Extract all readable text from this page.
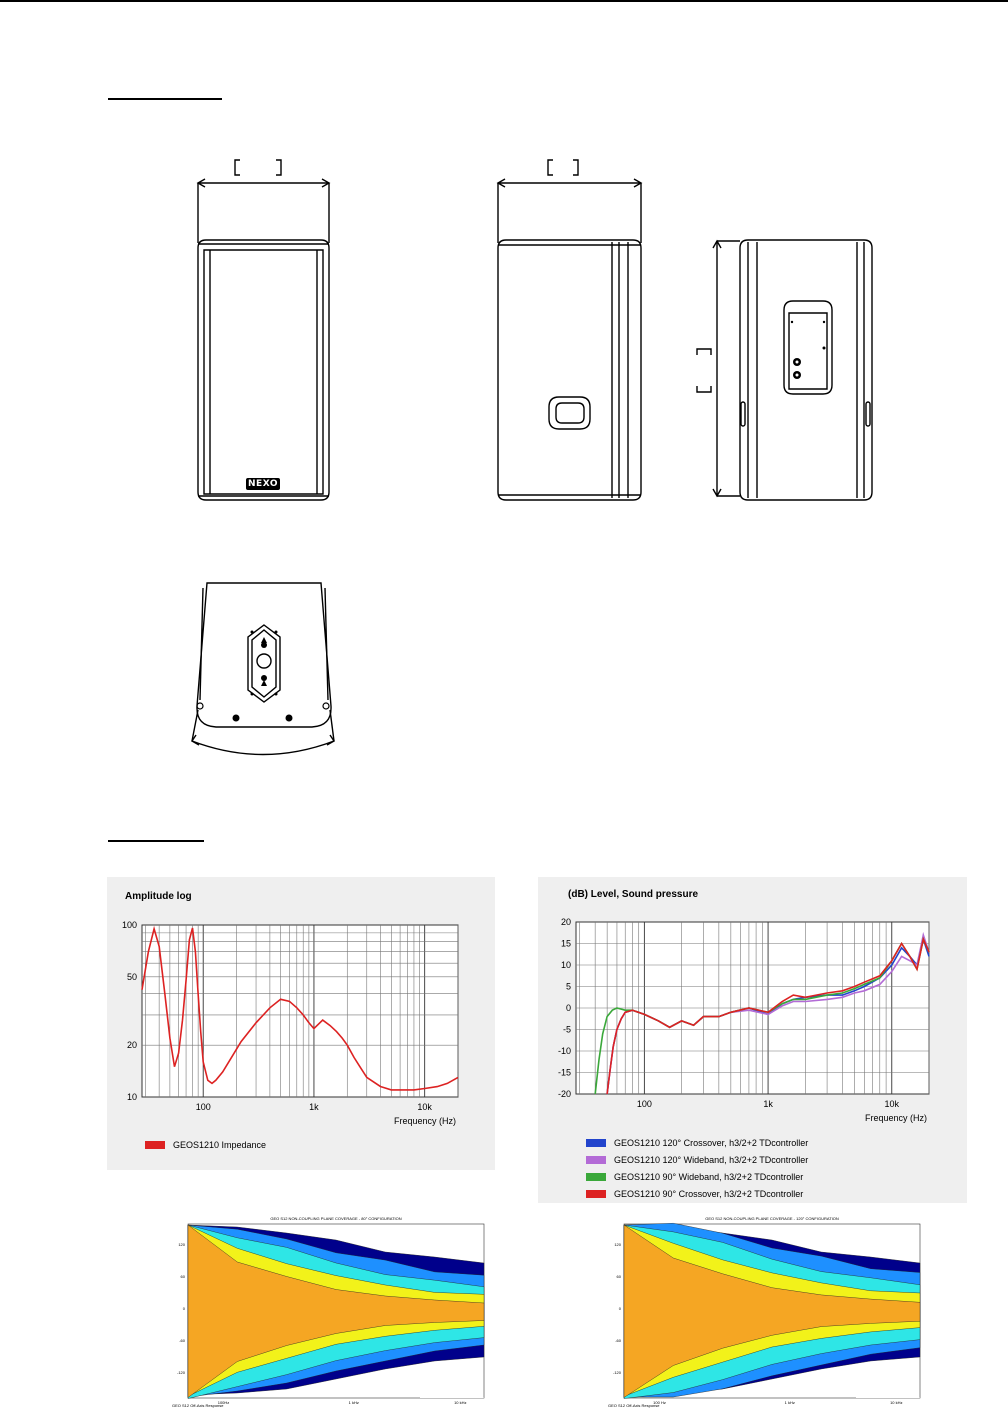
NEXO
100	1k	10k
100
50
20
10
Amplitude log
Frequency (Hz)
GEOS1210 Impedance
100	1k	10k
20
15
10
5
0
-5
-10
-15
-20
(dB) Level, Sound pressure
Frequency (Hz)
GEOS1210 120° Crossover, h3/2+2 TDcontroller
GEOS1210 120° Wideband, h3/2+2 TDcontroller
GEOS1210 90° Wideband, h3/2+2 TDcontroller
GEOS1210 90° Crossover, h3/2+2 TDcontroller
GEO S12 NON-COUPLING PLANE COVERAGE - 80° CONFIGURATION
GEO S12 Off-Axis Response
100Hz	1 kHz	10 kHz
120
60
0
-60
-120
GEO S12 NON-COUPLING PLANE COVERAGE - 120° CONFIGURATION
GEO S12 Off-Axis Response
100 Hz	1 kHz	10 kHz
120
60
0
-60
-120
